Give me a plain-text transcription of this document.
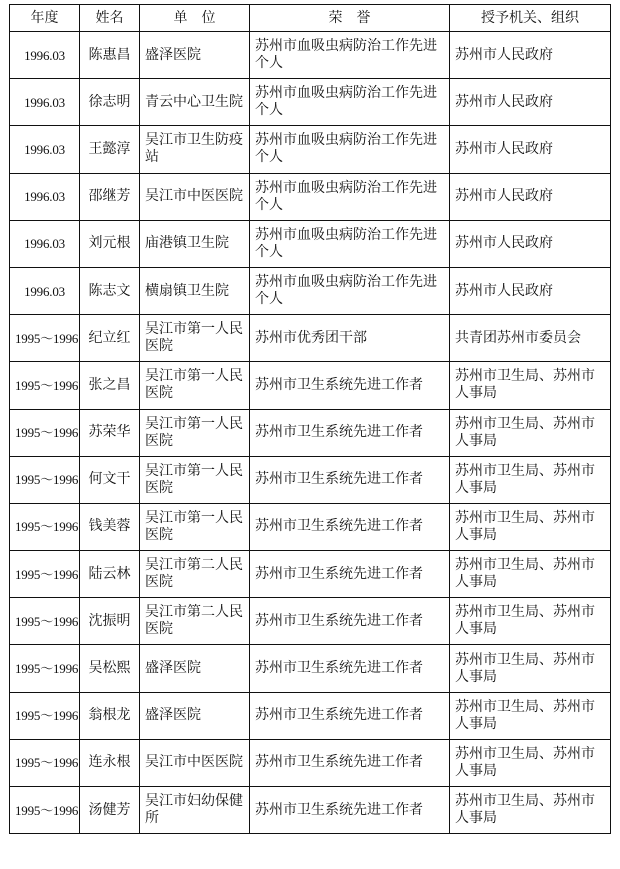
年度	姓名	单　位	荣　誉	授予机关、组织
1996.03	陈惠昌	盛泽医院	苏州市血吸虫病防治工作先进个人	苏州市人民政府
1996.03	徐志明	青云中心卫生院	苏州市血吸虫病防治工作先进个人	苏州市人民政府
1996.03	王懿淳	吴江市卫生防疫站	苏州市血吸虫病防治工作先进个人	苏州市人民政府
1996.03	邵继芳	吴江市中医医院	苏州市血吸虫病防治工作先进个人	苏州市人民政府
1996.03	刘元根	庙港镇卫生院	苏州市血吸虫病防治工作先进个人	苏州市人民政府
1996.03	陈志文	横扇镇卫生院	苏州市血吸虫病防治工作先进个人	苏州市人民政府
1995～1996	纪立红	吴江市第一人民医院	苏州市优秀团干部	共青团苏州市委员会
1995～1996	张之昌	吴江市第一人民医院	苏州市卫生系统先进工作者	苏州市卫生局、苏州市人事局
1995～1996	苏荣华	吴江市第一人民医院	苏州市卫生系统先进工作者	苏州市卫生局、苏州市人事局
1995～1996	何文干	吴江市第一人民医院	苏州市卫生系统先进工作者	苏州市卫生局、苏州市人事局
1995～1996	钱美蓉	吴江市第一人民医院	苏州市卫生系统先进工作者	苏州市卫生局、苏州市人事局
1995～1996	陆云林	吴江市第二人民医院	苏州市卫生系统先进工作者	苏州市卫生局、苏州市人事局
1995～1996	沈振明	吴江市第二人民医院	苏州市卫生系统先进工作者	苏州市卫生局、苏州市人事局
1995～1996	吴松熙	盛泽医院	苏州市卫生系统先进工作者	苏州市卫生局、苏州市人事局
1995～1996	翁根龙	盛泽医院	苏州市卫生系统先进工作者	苏州市卫生局、苏州市人事局
1995～1996	连永根	吴江市中医医院	苏州市卫生系统先进工作者	苏州市卫生局、苏州市人事局
1995～1996	汤健芳	吴江市妇幼保健所	苏州市卫生系统先进工作者	苏州市卫生局、苏州市人事局
